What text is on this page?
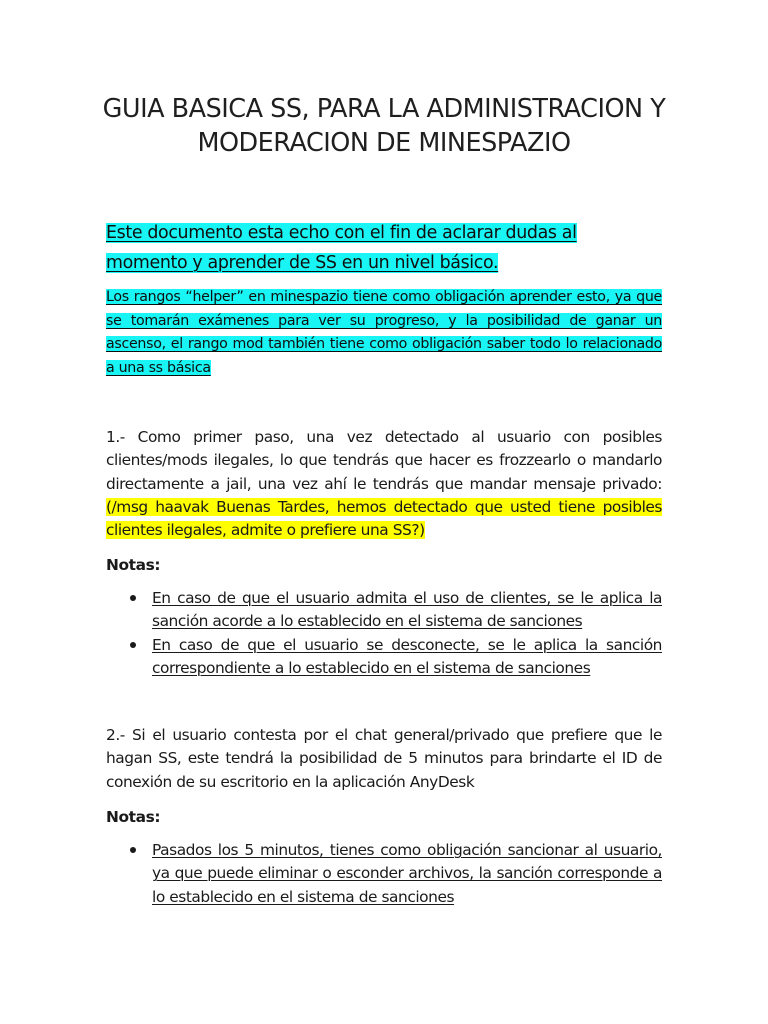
GUIA BASICA SS, PARA LA ADMINISTRACION Y
MODERACION DE MINESPAZIO

Este documento esta echo con el fin de aclarar dudas al momento y aprender de SS en un nivel básico.

Los rangos “helper” en minespazio tiene como obligación aprender esto, ya que se tomarán exámenes para ver su progreso, y la posibilidad de ganar un ascenso, el rango mod también tiene como obligación saber todo lo relacionado a una ss básica

1.- Como primer paso, una vez detectado al usuario con posibles clientes/mods ilegales, lo que tendrás que hacer es frozzearlo o mandarlo directamente a jail, una vez ahí le tendrás que mandar mensaje privado: (/msg haavak Buenas Tardes, hemos detectado que usted tiene posibles clientes ilegales, admite o prefiere una SS?)

Notas:

En caso de que el usuario admita el uso de clientes, se le aplica la sanción acorde a lo establecido en el sistema de sanciones
En caso de que el usuario se desconecte, se le aplica la sanción correspondiente a lo establecido en el sistema de sanciones

2.- Si el usuario contesta por el chat general/privado que prefiere que le hagan SS, este tendrá la posibilidad de 5 minutos para brindarte el ID de conexión de su escritorio en la aplicación AnyDesk

Notas:

Pasados los 5 minutos, tienes como obligación sancionar al usuario, ya que puede eliminar o esconder archivos, la sanción corresponde a lo establecido en el sistema de sanciones
